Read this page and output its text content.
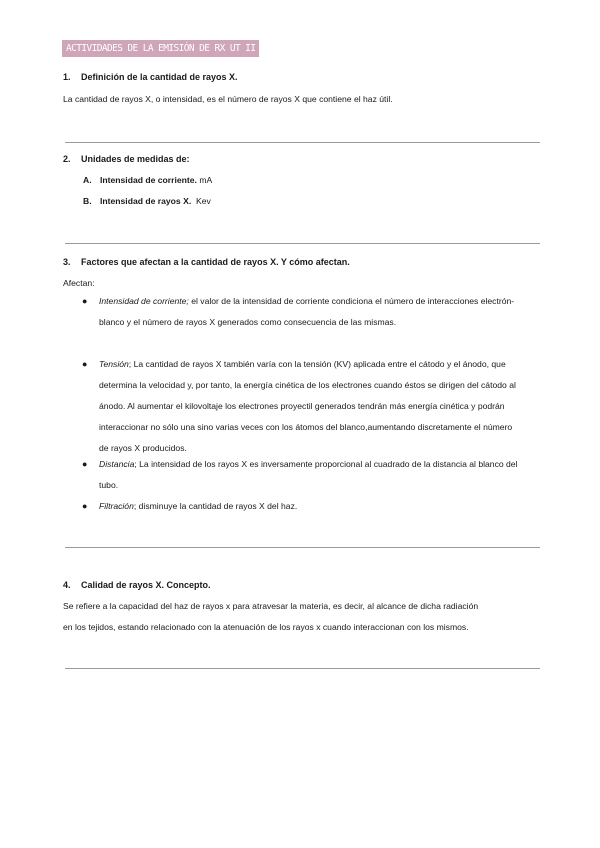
ACTIVIDADES DE LA EMISIÓN DE RX UT II
1. Definición de la cantidad de rayos X.
La cantidad de rayos X, o intensidad, es el número de rayos X que contiene el haz útil.
2. Unidades de medidas de:
A. Intensidad de corriente. mA
B. Intensidad de rayos X. Kev
3. Factores que afectan a la cantidad de rayos X. Y cómo afectan.
Afectan:
●	Intensidad de corriente; el valor de la intensidad de corriente condiciona el número de interacciones electrón-blanco y el número de rayos X generados como consecuencia de las mismas.
●	Tensión; La cantidad de rayos X también varía con la tensión (KV) aplicada entre el cátodo y el ánodo, que determina la velocidad y, por tanto, la energía cinética de los electrones cuando éstos se dirigen del cátodo al ánodo. Al aumentar el kilovoltaje los electrones proyectil generados tendrán más energía cinética y podrán interaccionar no sólo una sino varias veces con los átomos del blanco,aumentando discretamente el número de rayos X producidos.
●	Distancia; La intensidad de los rayos X es inversamente proporcional al cuadrado de la distancia al blanco del tubo.
●	Filtración; disminuye la cantidad de rayos X del haz.
4. Calidad de rayos X. Concepto.
Se refiere a la capacidad del haz de rayos x para atravesar la materia, es decir, al alcance de dicha radiación
en los tejidos, estando relacionado con la atenuación de los rayos x cuando interaccionan con los mismos.
